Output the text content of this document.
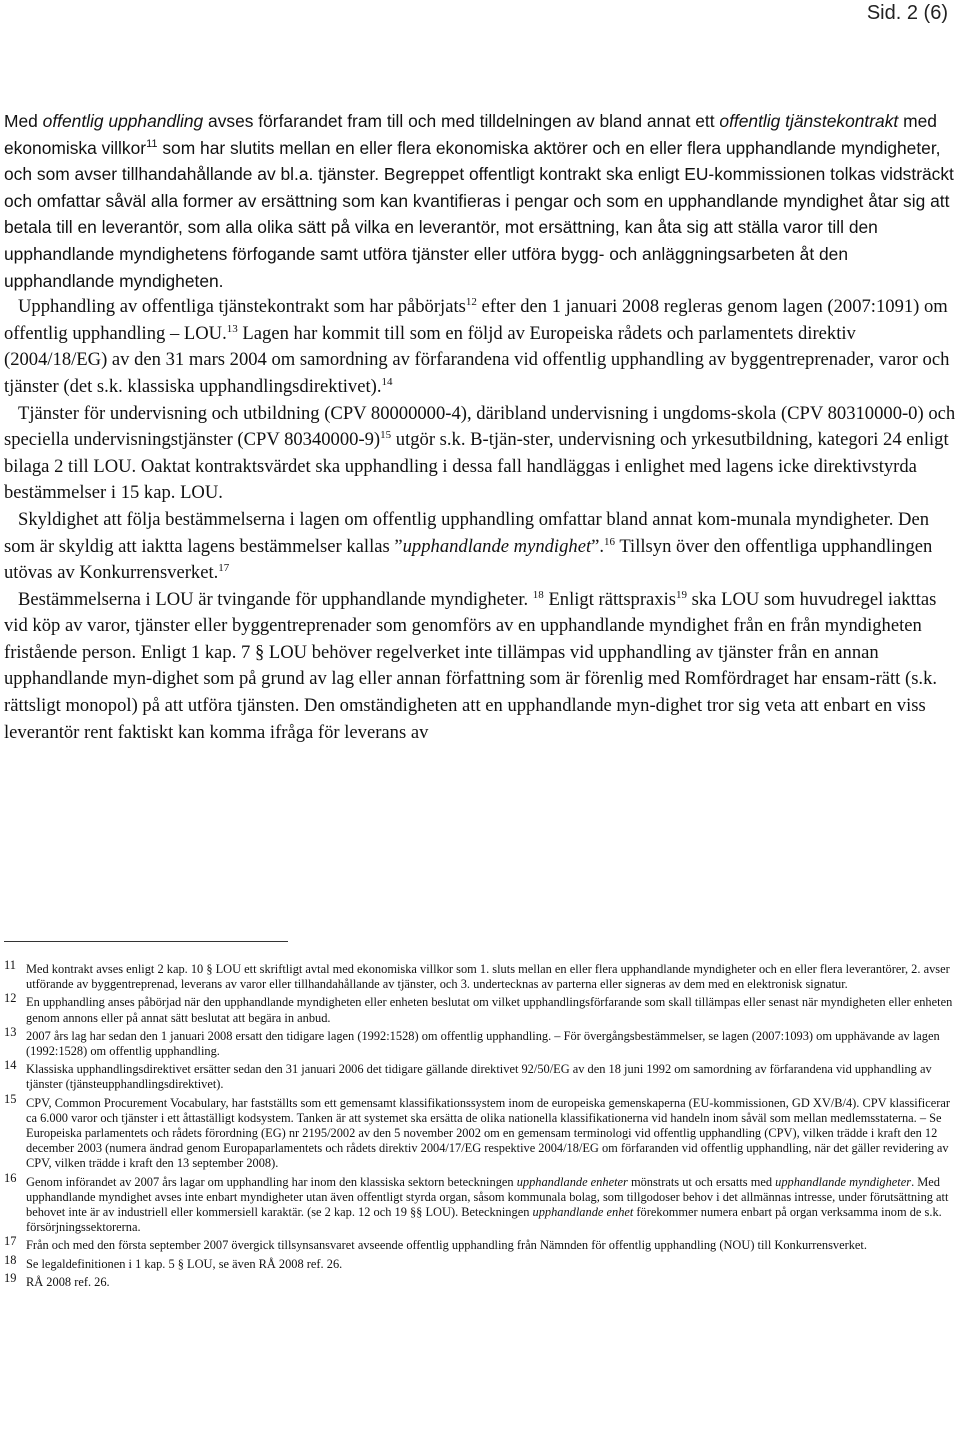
Sid. 2 (6)

Med offentlig upphandling avses förfarandet fram till och med tilldelningen av bland annat ett offentlig tjänstekontrakt med ekonomiska villkor$^{11}$ som har slutits mellan en eller flera ekonomiska aktörer och en eller flera upphandlande myndigheter, och som avser tillhandahållande av bl.a. tjänster. Begreppet offentligt kontrakt ska enligt EU-kommissionen tolkas vidsträckt och omfattar såväl alla former av ersättning som kan kvantifieras i pengar och som en upphandlande myndighet åtar sig att betala till en leverantör, som alla olika sätt på vilka en leverantör, mot ersättning, kan åta sig att ställa varor till den upphandlande myndighetens förfogande samt utföra tjänster eller utföra bygg- och anläggningsarbeten åt den upphandlande myndigheten.

Upphandling av offentliga tjänstekontrakt som har påbörjats$^{12}$ efter den 1 januari 2008 regleras genom lagen (2007:1091) om offentlig upphandling – LOU.$^{13}$ Lagen har kommit till som en följd av Europeiska rådets och parlamentets direktiv (2004/18/EG) av den 31 mars 2004 om samordning av förfarandena vid offentlig upphandling av byggentreprenader, varor och tjänster (det s.k. klassiska upphandlingsdirektivet).$^{14}$

Tjänster för undervisning och utbildning (CPV 80000000-4), däribland undervisning i ungdoms-skola (CPV 80310000-0) och speciella undervisningstjänster (CPV 80340000-9)$^{15}$ utgör s.k. B-tjän-ster, undervisning och yrkesutbildning, kategori 24 enligt bilaga 2 till LOU. Oaktat kontraktsvärdet ska upphandling i dessa fall handläggas i enlighet med lagens icke direktivstyrda bestämmelser i 15 kap. LOU.

Skyldighet att följa bestämmelserna i lagen om offentlig upphandling omfattar bland annat kom-munala myndigheter. Den som är skyldig att iaktta lagens bestämmelser kallas ”upphandlande myndighet”.$^{16}$ Tillsyn över den offentliga upphandlingen utövas av Konkurrensverket.$^{17}$

Bestämmelserna i LOU är tvingande för upphandlande myndigheter. $^{18}$ Enligt rättspraxis$^{19}$ ska LOU som huvudregel iakttas vid köp av varor, tjänster eller byggentreprenader som genomförs av en upphandlande myndighet från en från myndigheten fristående person. Enligt 1 kap. 7 § LOU behöver regelverket inte tillämpas vid upphandling av tjänster från en annan upphandlande myn-dighet som på grund av lag eller annan författning som är förenlig med Romfördraget har ensam-rätt (s.k. rättsligt monopol) på att utföra tjänsten. Den omständigheten att en upphandlande myn-dighet tror sig veta att enbart en viss leverantör rent faktiskt kan komma ifråga för leverans av

11 Med kontrakt avses enligt 2 kap. 10 § LOU ett skriftligt avtal med ekonomiska villkor som 1. sluts mellan en eller flera upphandlande myndigheter och en eller flera leverantörer, 2. avser utförande av byggentreprenad, leverans av varor eller tillhandahållande av tjänster, och 3. undertecknas av parterna eller signeras av dem med en elektronisk signatur.
12 En upphandling anses påbörjad när den upphandlande myndigheten eller enheten beslutat om vilket upphandlingsförfarande som skall tillämpas eller senast när myndigheten eller enheten genom annons eller på annat sätt beslutat att begära in anbud.
13 2007 års lag har sedan den 1 januari 2008 ersatt den tidigare lagen (1992:1528) om offentlig upphandling. – För övergångsbestämmelser, se lagen (2007:1093) om upphävande av lagen (1992:1528) om offentlig upphandling.
14 Klassiska upphandlingsdirektivet ersätter sedan den 31 januari 2006 det tidigare gällande direktivet 92/50/EG av den 18 juni 1992 om samordning av förfarandena vid upphandling av tjänster (tjänsteupphandlingsdirektivet).
15 CPV, Common Procurement Vocabulary, har fastställts som ett gemensamt klassifikationssystem inom de europeiska gemenskaperna (EU-kommissionen, GD XV/B/4). CPV klassificerar ca 6.000 varor och tjänster i ett åttaställigt kodsystem. Tanken är att systemet ska ersätta de olika nationella klassifikationerna vid handeln inom såväl som mellan medlemsstaterna. – Se Europeiska parlamentets och rådets förordning (EG) nr 2195/2002 av den 5 november 2002 om en gemensam terminologi vid offentlig upphandling (CPV), vilken trädde i kraft den 12 december 2003 (numera ändrad genom Europaparlamentets och rådets direktiv 2004/17/EG respektive 2004/18/EG om förfaranden vid offentlig upphandling, när det gäller revidering av CPV, vilken trädde i kraft den 13 september 2008).
16 Genom införandet av 2007 års lagar om upphandling har inom den klassiska sektorn beteckningen upphandlande enheter mönstrats ut och ersatts med upphandlande myndigheter. Med upphandlande myndighet avses inte enbart myndigheter utan även offentligt styrda organ, såsom kommunala bolag, som tillgodoser behov i det allmännas intresse, under förutsättning att behovet inte är av industriell eller kommersiell karaktär. (se 2 kap. 12 och 19 §§ LOU). Beteckningen upphandlande enhet förekommer numera enbart på organ verksamma inom de s.k. försörjningssektorerna.
17 Från och med den första september 2007 övergick tillsynsansvaret avseende offentlig upphandling från Nämnden för offentlig upphandling (NOU) till Konkurrensverket.
18 Se legaldefinitionen i 1 kap. 5 § LOU, se även RÅ 2008 ref. 26.
19 RÅ 2008 ref. 26.
